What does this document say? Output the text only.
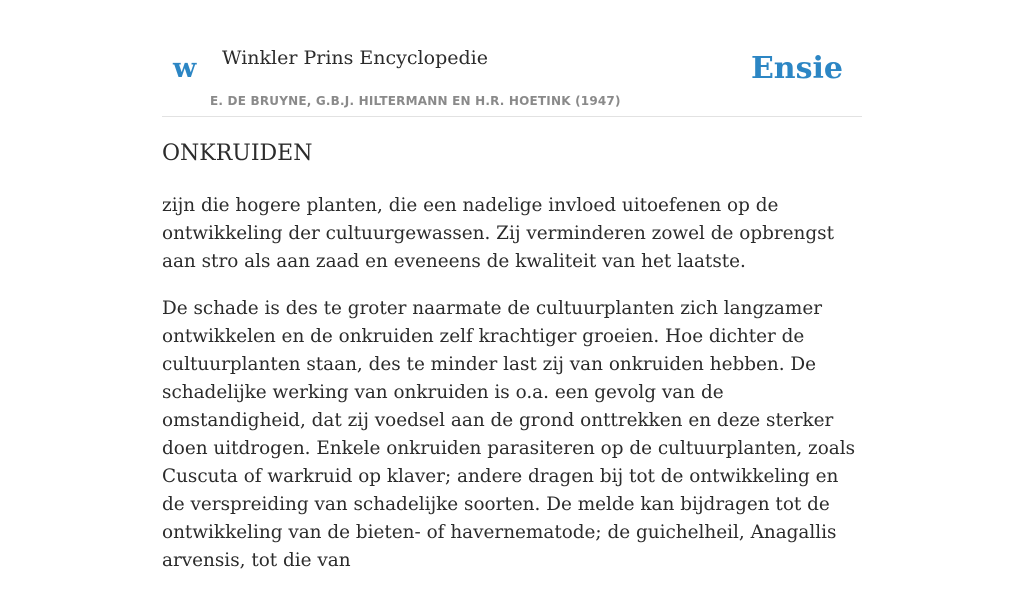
w Winkler Prins Encyclopedie	Ensie
E. DE BRUYNE, G.B.J. HILTERMANN EN H.R. HOETINK (1947)
ONKRUIDEN

zijn die hogere planten, die een nadelige invloed uitoefenen op de ontwikkeling der cultuurgewassen. Zij verminderen zowel de opbrengst aan stro als aan zaad en eveneens de kwaliteit van het laatste.

De schade is des te groter naarmate de cultuurplanten zich langzamer ontwikkelen en de onkruiden zelf krachtiger groeien. Hoe dichter de cultuurplanten staan, des te minder last zij van onkruiden hebben. De schadelijke werking van onkruiden is o.a. een gevolg van de omstandigheid, dat zij voedsel aan de grond onttrekken en deze sterker doen uitdrogen. Enkele onkruiden parasiteren op de cultuurplanten, zoals Cuscuta of warkruid op klaver; andere dragen bij tot de ontwikkeling en de verspreiding van schadelijke soorten. De melde kan bijdragen tot de ontwikkeling van de bieten- of havernematode; de guichelheil, Anagallis arvensis, tot die van
